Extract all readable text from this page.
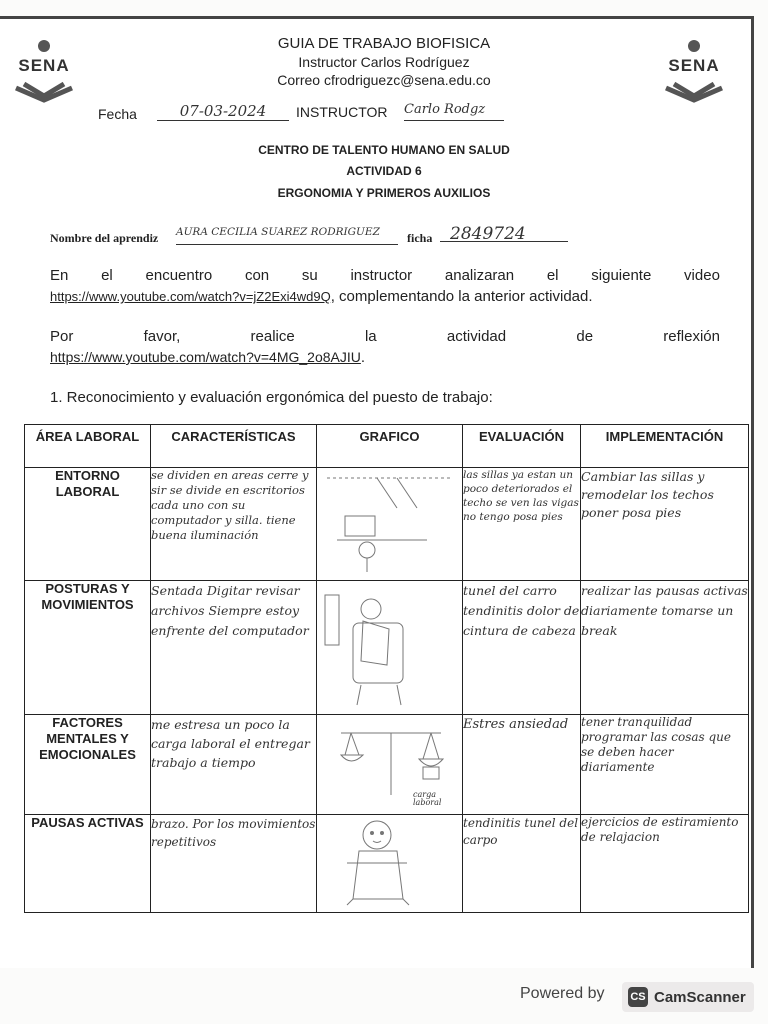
SENA	SENA
GUIA DE TRABAJO BIOFISICA
Instructor Carlos Rodríguez
Correo cfrodriguezc@sena.edu.co
Fecha	07-03-2024	INSTRUCTOR Carlo Rodgz
CENTRO DE TALENTO HUMANO EN SALUD
ACTIVIDAD 6
ERGONOMIA Y PRIMEROS AUXILIOS
Nombre del aprendiz AURA CECILIA SUAREZ RODRIGUEZ	ficha	2849724
En el encuentro con su instructor analizaran el siguiente video
https://www.youtube.com/watch?v=jZ2Exi4wd9Q, complementando la anterior actividad.
Por	favor,	realice	la	actividad	de	reflexión
https://www.youtube.com/watch?v=4MG_2o8AJIU.
1. Reconocimiento y evaluación ergonómica del puesto de trabajo:
ÁREA LABORAL	CARACTERÍSTICAS	GRAFICO	EVALUACIÓN	IMPLEMENTACIÓN
ENTORNO LABORAL	se dividen en areas cerre y sir se divide en escritorios cada uno con su computador y silla. tiene buena iluminación		las sillas ya estan un poco deteriorados el techo se ven las vigas no tengo posa pies	Cambiar las sillas y remodelar los techos poner posa pies
POSTURAS Y MOVIMIENTOS	Sentada Digitar revisar archivos Siempre estoy enfrente del computador		tunel del carro tendinitis dolor de cintura de cabeza	realizar las pausas activas diariamente tomarse un break
FACTORES MENTALES Y EMOCIONALES	me estresa un poco la carga laboral el entregar trabajo a tiempo	carga laboral	Estres ansiedad	tener tranquilidad programar las cosas que se deben hacer diariamente
PAUSAS ACTIVAS	brazo. Por los movimientos repetitivos		tendinitis tunel del carpo	ejercicios de estiramiento de relajacion
Powered by CS CamScanner
